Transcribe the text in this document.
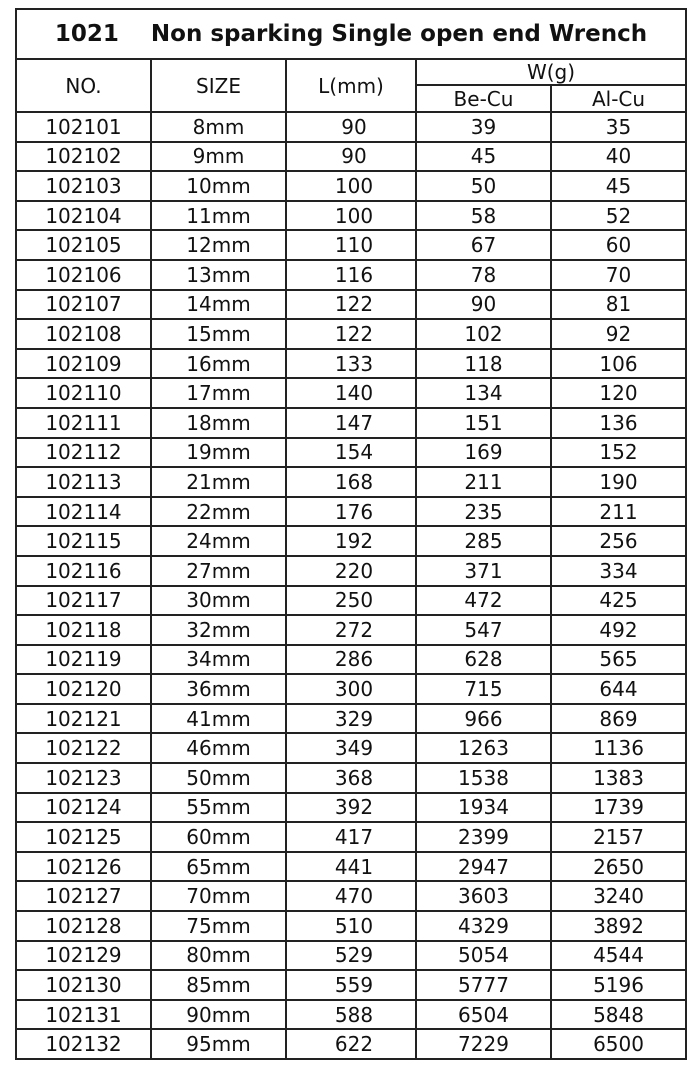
1021 Non sparking Single open end Wrench				
NO.	SIZE	L(mm)	W(g)	
			Be-Cu	Al-Cu
102101	8mm	90	39	35
102102	9mm	90	45	40
102103	10mm	100	50	45
102104	11mm	100	58	52
102105	12mm	110	67	60
102106	13mm	116	78	70
102107	14mm	122	90	81
102108	15mm	122	102	92
102109	16mm	133	118	106
102110	17mm	140	134	120
102111	18mm	147	151	136
102112	19mm	154	169	152
102113	21mm	168	211	190
102114	22mm	176	235	211
102115	24mm	192	285	256
102116	27mm	220	371	334
102117	30mm	250	472	425
102118	32mm	272	547	492
102119	34mm	286	628	565
102120	36mm	300	715	644
102121	41mm	329	966	869
102122	46mm	349	1263	1136
102123	50mm	368	1538	1383
102124	55mm	392	1934	1739
102125	60mm	417	2399	2157
102126	65mm	441	2947	2650
102127	70mm	470	3603	3240
102128	75mm	510	4329	3892
102129	80mm	529	5054	4544
102130	85mm	559	5777	5196
102131	90mm	588	6504	5848
102132	95mm	622	7229	6500
